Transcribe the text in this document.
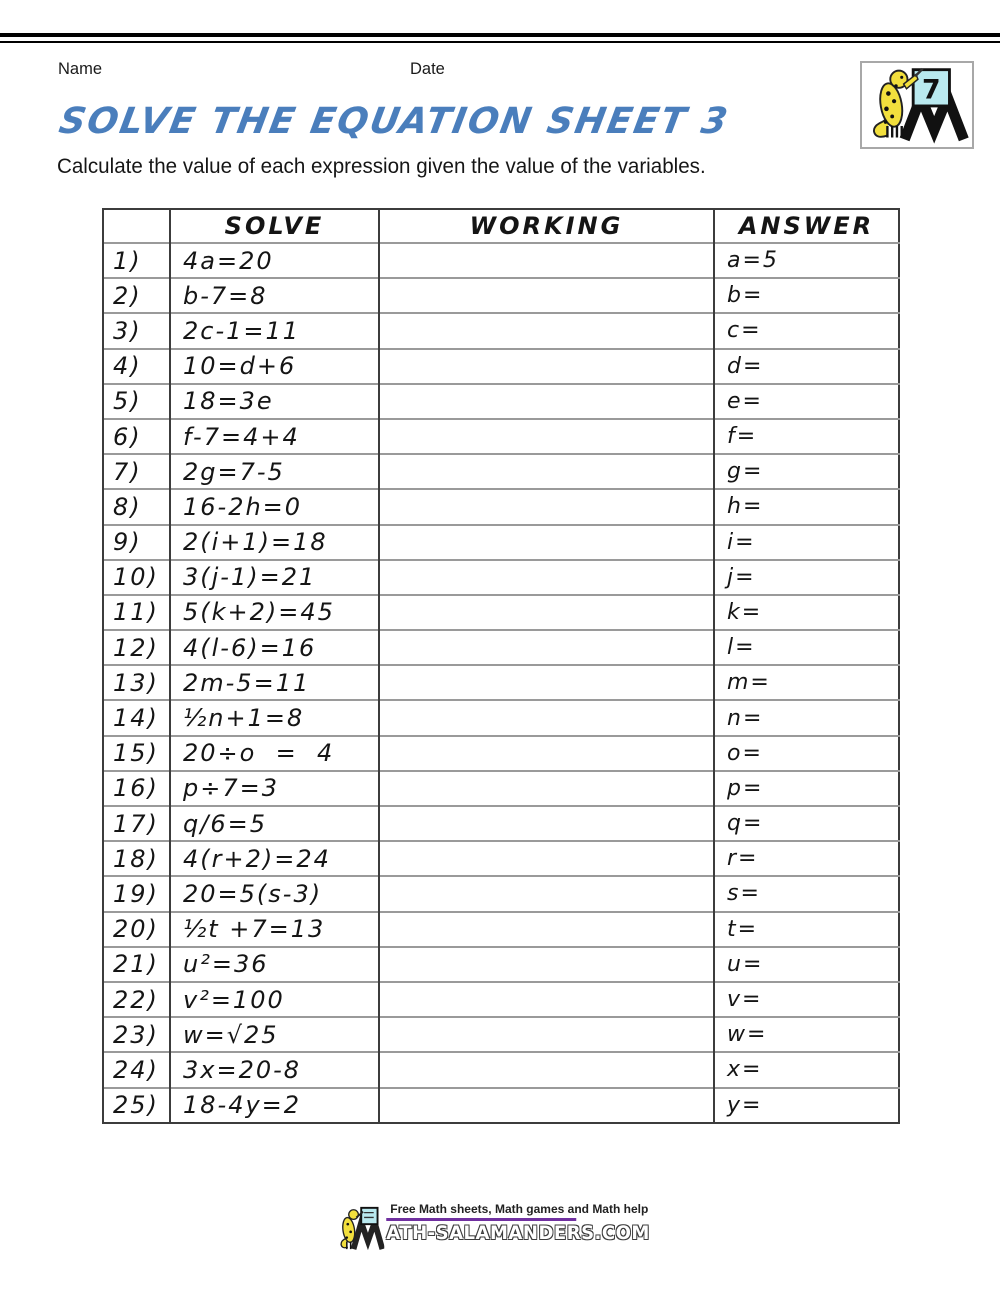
Name	Date
7
SOLVE THE EQUATION SHEET 3
Calculate the value of each expression given the value of the variables.
	SOLVE	WORKING	ANSWER
1)	4a=20		a=5
2)	b-7=8		b=
3)	2c-1=11		c=
4)	10=d+6		d=
5)	18=3e		e=
6)	f-7=4+4		f=
7)	2g=7-5		g=
8)	16-2h=0		h=
9)	2(i+1)=18		i=
10)	3(j-1)=21		j=
11)	5(k+2)=45		k=
12)	4(l-6)=16		l=
13)	2m-5=11		m=
14)	½n+1=8		n=
15)	20÷o  =  4		o=
16)	p÷7=3		p=
17)	q/6=5		q=
18)	4(r+2)=24		r=
19)	20=5(s-3)		s=
20)	½t +7=13		t=
21)	u²=36		u=
22)	v²=100		v=
23)	w=√25		w=
24)	3x=20-8		x=
25)	18-4y=2		y=
Free Math sheets, Math games and Math help
ATH-SALAMANDERS.COM
